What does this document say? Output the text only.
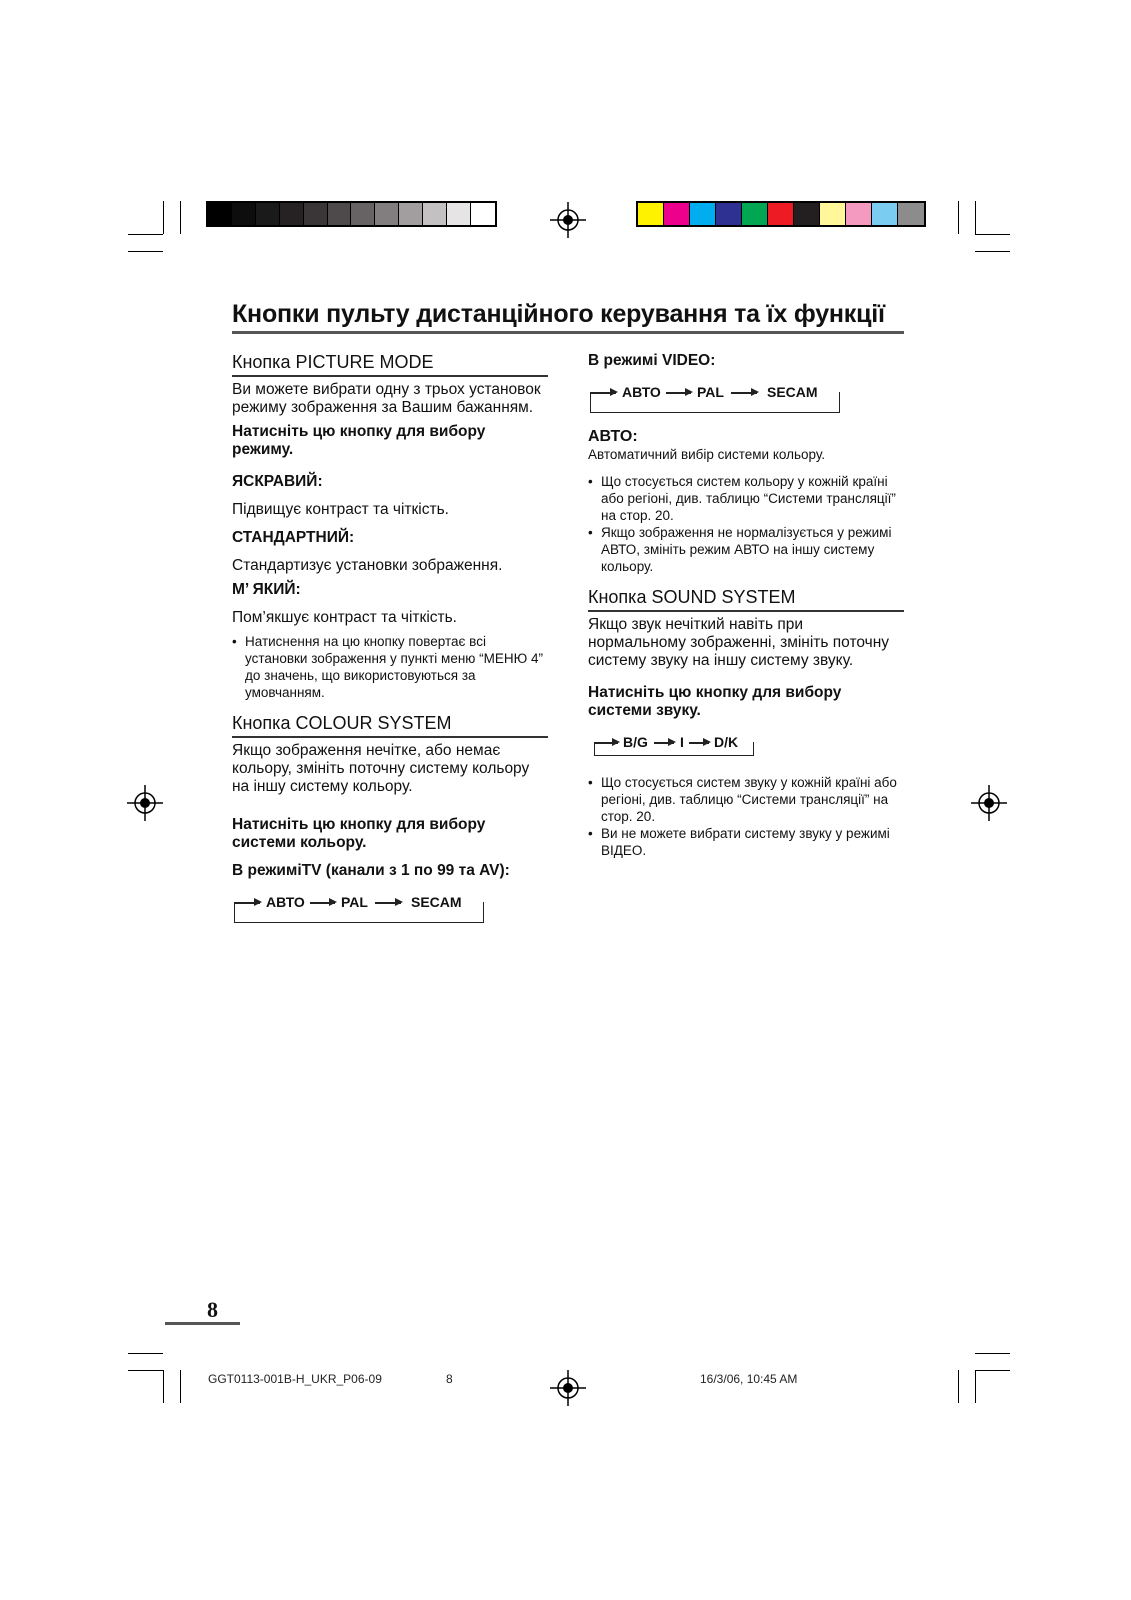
Кнопки пульту дистанційного керування та їх функції
Кнопка PICTURE MODE

Ви можете вибрати одну з трьох установок режиму зображення за Вашим бажанням.

Натисніть цю кнопку для вибору режиму.

ЯСКРАВИЙ:

Підвищує контраст та чіткість.

СТАНДАРТНИЙ:

Стандартизує установки зображення.

М’ ЯКИЙ:

Пом’якшує контраст та чіткість.

• Натиснення на цю кнопку повертає всі установки зображення у пункті меню “МЕНЮ 4” до значень, що використовуються за умовчанням.

Кнопка COLOUR SYSTEM

Якщо зображення нечітке, або немає кольору, змініть поточну систему кольору на іншу систему кольору.

Натисніть цю кнопку для вибору системи кольору.

В режиміTV (канали з 1 по 99 та AV):

АВТО	PAL	SECAM

В режимі VIDEO:

АВТО	PAL	SECAM

АВТО:

Автоматичний вибір системи кольору.

• Що стосується систем кольору у кожній країні або регіоні, див. таблицю “Системи трансляції” на стор. 20.

• Якщо зображення не нормалізується у режимі АВТО, змініть режим АВТО на іншу систему кольору.

Кнопка SOUND SYSTEM

Якщо звук нечіткий навіть при нормальному зображенні, змініть поточну систему звуку на іншу систему звуку.

Натисніть цю кнопку для вибору системи звуку.

B/G I D/K

• Що стосується систем звуку у кожній країні або регіоні, див. таблицю “Системи трансляції” на стор. 20.

• Ви не можете вибрати систему звуку у режимі ВІДЕО.

8
GGT0113-001B-H_UKR_P06-09	8	16/3/06, 10:45 AM
